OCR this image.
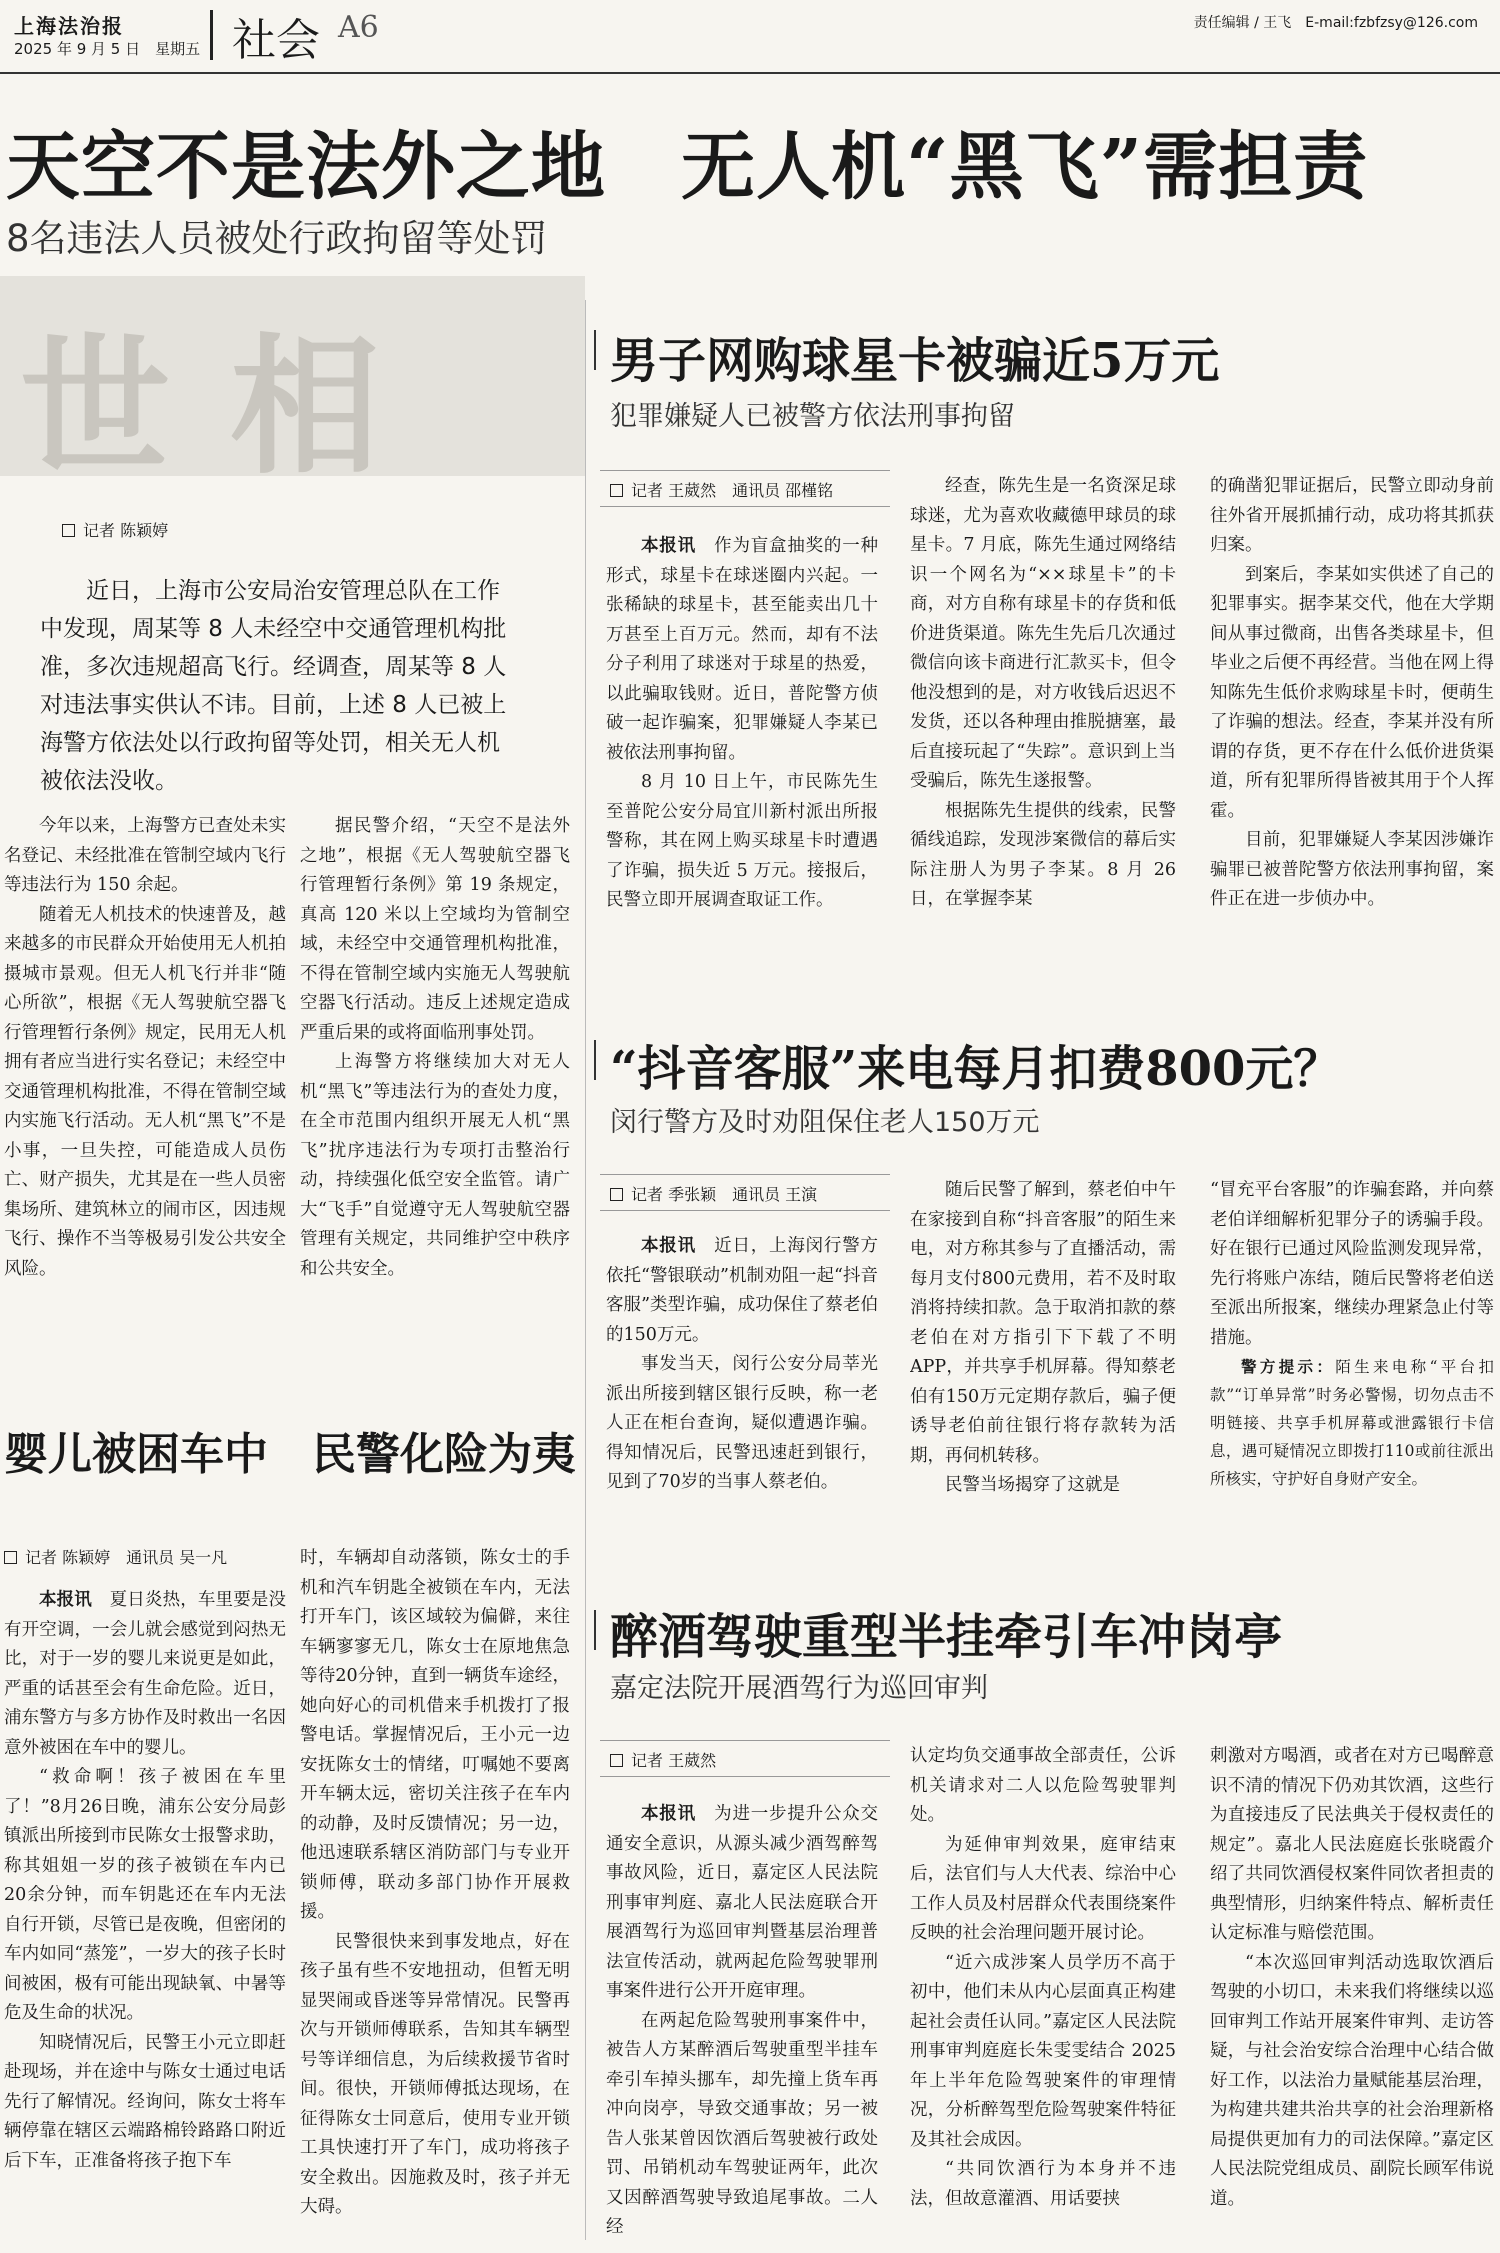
上海法治报
2025 年 9 月 5 日　星期五 社会 A6	责任编辑 / 王飞　E-mail:fzbfzsy@126.com
天空不是法外之地　无人机“黑飞”需担责
8名违法人员被处行政拘留等处罚
世相
记者 陈颖婷

近日，上海市公安局治安管理总队在工作中发现，周某等 8 人未经空中交通管理机构批准，多次违规超高飞行。经调查，周某等 8 人对违法事实供认不讳。目前，上述 8 人已被上海警方依法处以行政拘留等处罚，相关无人机被依法没收。

今年以来，上海警方已查处未实名登记、未经批准在管制空域内飞行等违法行为 150 余起。

随着无人机技术的快速普及，越来越多的市民群众开始使用无人机拍摄城市景观。但无人机飞行并非“随心所欲”，根据《无人驾驶航空器飞行管理暂行条例》规定，民用无人机拥有者应当进行实名登记；未经空中交通管理机构批准，不得在管制空域内实施飞行活动。无人机“黑飞”不是小事，一旦失控，可能造成人员伤亡、财产损失，尤其是在一些人员密集场所、建筑林立的闹市区，因违规飞行、操作不当等极易引发公共安全风险。

据民警介绍，“天空不是法外之地”，根据《无人驾驶航空器飞行管理暂行条例》第 19 条规定，真高 120 米以上空域均为管制空域，未经空中交通管理机构批准，不得在管制空域内实施无人驾驶航空器飞行活动。违反上述规定造成严重后果的或将面临刑事处罚。

上海警方将继续加大对无人机“黑飞”等违法行为的查处力度，在全市范围内组织开展无人机“黑飞”扰序违法行为专项打击整治行动，持续强化低空安全监管。请广大“飞手”自觉遵守无人驾驶航空器管理有关规定，共同维护空中秩序和公共安全。

婴儿被困车中　民警化险为夷
记者 陈颖婷　通讯员 吴一凡

本报讯　 夏日炎热，车里要是没有开空调，一会儿就会感觉到闷热无比，对于一岁的婴儿来说更是如此，严重的话甚至会有生命危险。近日，浦东警方与多方协作及时救出一名因意外被困在车中的婴儿。

“救命啊！孩子被困在车里了！”8月26日晚，浦东公安分局彭镇派出所接到市民陈女士报警求助，称其姐姐一岁的孩子被锁在车内已20余分钟，而车钥匙还在车内无法自行开锁，尽管已是夜晚，但密闭的车内如同“蒸笼”，一岁大的孩子长时间被困，极有可能出现缺氧、中暑等危及生命的状况。

知晓情况后，民警王小元立即赶赴现场，并在途中与陈女士通过电话先行了解情况。经询问，陈女士将车辆停靠在辖区云端路棉铃路路口附近后下车，正准备将孩子抱下车

时，车辆却自动落锁，陈女士的手机和汽车钥匙全被锁在车内，无法打开车门，该区域较为偏僻，来往车辆寥寥无几，陈女士在原地焦急等待20分钟，直到一辆货车途经，她向好心的司机借来手机拨打了报警电话。掌握情况后，王小元一边安抚陈女士的情绪，叮嘱她不要离开车辆太远，密切关注孩子在车内的动静，及时反馈情况；另一边，他迅速联系辖区消防部门与专业开锁师傅，联动多部门协作开展救援。

民警很快来到事发地点，好在孩子虽有些不安地扭动，但暂无明显哭闹或昏迷等异常情况。民警再次与开锁师傅联系，告知其车辆型号等详细信息，为后续救援节省时间。很快，开锁师傅抵达现场，在征得陈女士同意后，使用专业开锁工具快速打开了车门，成功将孩子安全救出。因施救及时，孩子并无大碍。

男子网购球星卡被骗近5万元
犯罪嫌疑人已被警方依法刑事拘留
记者 王葳然　通讯员 邵槿铭

本报讯　 作为盲盒抽奖的一种形式，球星卡在球迷圈内兴起。一张稀缺的球星卡，甚至能卖出几十万甚至上百万元。然而，却有不法分子利用了球迷对于球星的热爱，以此骗取钱财。近日，普陀警方侦破一起诈骗案，犯罪嫌疑人李某已被依法刑事拘留。

8 月 10 日上午，市民陈先生至普陀公安分局宜川新村派出所报警称，其在网上购买球星卡时遭遇了诈骗，损失近 5 万元。接报后，民警立即开展调查取证工作。

经查，陈先生是一名资深足球球迷，尤为喜欢收藏德甲球员的球星卡。7 月底，陈先生通过网络结识一个网名为“××球星卡”的卡商，对方自称有球星卡的存货和低价进货渠道。陈先生先后几次通过微信向该卡商进行汇款买卡，但令他没想到的是，对方收钱后迟迟不发货，还以各种理由推脱搪塞，最后直接玩起了“失踪”。意识到上当受骗后，陈先生遂报警。

根据陈先生提供的线索，民警循线追踪，发现涉案微信的幕后实际注册人为男子李某。8 月 26 日，在掌握李某

的确凿犯罪证据后，民警立即动身前往外省开展抓捕行动，成功将其抓获归案。

到案后，李某如实供述了自己的犯罪事实。据李某交代，他在大学期间从事过微商，出售各类球星卡，但毕业之后便不再经营。当他在网上得知陈先生低价求购球星卡时，便萌生了诈骗的想法。经查，李某并没有所谓的存货，更不存在什么低价进货渠道，所有犯罪所得皆被其用于个人挥霍。

目前，犯罪嫌疑人李某因涉嫌诈骗罪已被普陀警方依法刑事拘留，案件正在进一步侦办中。

“抖音客服”来电每月扣费800元？
闵行警方及时劝阻保住老人150万元
记者 季张颖　通讯员 王演

本报讯　 近日，上海闵行警方依托“警银联动”机制劝阻一起“抖音客服”类型诈骗，成功保住了蔡老伯的150万元。

事发当天，闵行公安分局莘光派出所接到辖区银行反映，称一老人正在柜台查询，疑似遭遇诈骗。得知情况后，民警迅速赶到银行，见到了70岁的当事人蔡老伯。

随后民警了解到，蔡老伯中午在家接到自称“抖音客服”的陌生来电，对方称其参与了直播活动，需每月支付800元费用，若不及时取消将持续扣款。急于取消扣款的蔡老伯在对方指引下下载了不明APP，并共享手机屏幕。得知蔡老伯有150万元定期存款后，骗子便诱导老伯前往银行将存款转为活期，再伺机转移。

民警当场揭穿了这就是

“冒充平台客服”的诈骗套路，并向蔡老伯详细解析犯罪分子的诱骗手段。好在银行已通过风险监测发现异常，先行将账户冻结，随后民警将老伯送至派出所报案，继续办理紧急止付等措施。

警方提示：陌生来电称“平台扣款”“订单异常”时务必警惕，切勿点击不明链接、共享手机屏幕或泄露银行卡信息，遇可疑情况立即拨打110或前往派出所核实，守护好自身财产安全。

醉酒驾驶重型半挂牵引车冲岗亭
嘉定法院开展酒驾行为巡回审判
记者 王葳然

本报讯　 为进一步提升公众交通安全意识，从源头减少酒驾醉驾事故风险，近日，嘉定区人民法院刑事审判庭、嘉北人民法庭联合开展酒驾行为巡回审判暨基层治理普法宣传活动，就两起危险驾驶罪刑事案件进行公开开庭审理。

在两起危险驾驶刑事案件中，被告人方某醉酒后驾驶重型半挂车牵引车掉头挪车，却先撞上货车再冲向岗亭，导致交通事故；另一被告人张某曾因饮酒后驾驶被行政处罚、吊销机动车驾驶证两年，此次又因醉酒驾驶导致追尾事故。二人经

认定均负交通事故全部责任，公诉机关请求对二人以危险驾驶罪判处。

为延伸审判效果，庭审结束后，法官们与人大代表、综治中心工作人员及村居群众代表围绕案件反映的社会治理问题开展讨论。

“近六成涉案人员学历不高于初中，他们未从内心层面真正构建起社会责任认同。”嘉定区人民法院刑事审判庭庭长朱雯雯结合 2025 年上半年危险驾驶案件的审理情况，分析醉驾型危险驾驶案件特征及其社会成因。

“共同饮酒行为本身并不违法，但故意灌酒、用话要挟

刺激对方喝酒，或者在对方已喝醉意识不清的情况下仍劝其饮酒，这些行为直接违反了民法典关于侵权责任的规定”。嘉北人民法庭庭长张晓霞介绍了共同饮酒侵权案件同饮者担责的典型情形，归纳案件特点、解析责任认定标准与赔偿范围。

“本次巡回审判活动选取饮酒后驾驶的小切口，未来我们将继续以巡回审判工作站开展案件审判、走访答疑，与社会治安综合治理中心结合做好工作，以法治力量赋能基层治理，为构建共建共治共享的社会治理新格局提供更加有力的司法保障。”嘉定区人民法院党组成员、副院长顾军伟说道。
